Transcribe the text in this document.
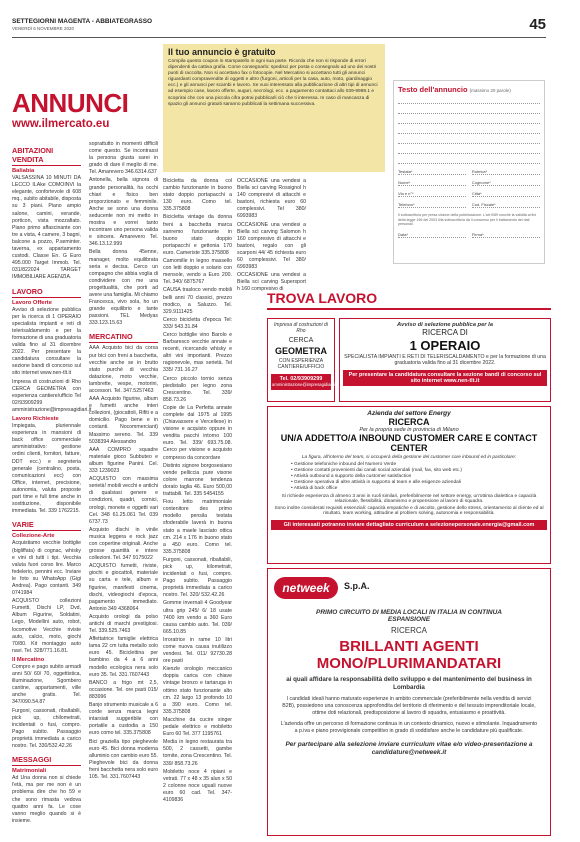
SETTEGIORNI MAGENTA - ABBIATEGRASSO
VENERDÌ 6 NOVEMBRE 2020	45
ANNUNCI
www.ilmercato.eu
Il tuo annuncio è gratuito
Compila questo coupon in stampatello in ogni sua parte. Ricorda che non si risponde di errori dipendenti da cattiva grafia. Come consegnarlo: spedisci per posta o consegnalo ad uno dei nostri punti di raccolta. Non si accettano fax o fotocopie. Nel Mercatino si accettano tutti gli annunci riguardanti compravendite di oggetti e altro (furgoni, articoli per la casa, auto, moto, giardinaggio ecc.) e gli annunci per scambi e lavoro. Se vuoi interessato alla pubblicazione di altri tipi di annunci ad esempio case, lavoro offerte, auguri, necrologi, ecc. a pagamento contattaci allo 039-9989.1 e scoprirai che con una piccola cifra potrai pubblicarli ciò che ti interessa. In caso di mancanza di spazio gli annunci gratuiti saranno pubblicati la settimana successiva.
Testo dell'annuncio (massimo 20 parole)
Testata*	Rubrica*
Nome*	Cognome*
Via e n°*	Città*
Telefono*	Cod. Fiscale*
Il sottoscritto/a per presa visione della pubblicazione. L'art.9/89 nonché la validità ai fini della legge 196 del 2003 il/la sottoscritto/a dà il consenso per il trattamento dei dati personali.
Data*	Firma*
ABITAZIONI VENDITA
Baliabia
VALSASSINA 10 MINUTI DA LECCO ILAke COMOINVI la elegante, confortevole di 608 mq., subito abitabile, disposta su 3 piani. Piano ampio salone, camini, verande, porticon, vista mozzafiato. Piano primo affascinante con tre a vista, 4 camere, 3 bagni, balcone a pozzo, P.seminter. taverna, ex appartamento custodi. Classe En. G Euro 495.000 Target Immob. Tel. 031/822024 TARGET IMMOBILIARE AGENZIA.
LAVORO
Lavoro Offerte
Avviso di selezione pubblica per la ricerca di 1 OPERAIO specialista impianti e reti di telerisaldamento e per la formazione di una graduatoria valida fino al 31 dicembre 2022. Per presentare la candidatura consultare la sezione bandi di concorso sul sito internet www.nen-tlt.it
Impresa di costruzioni di Rho CERCA GEOMETRA con esperienza cantiere/ufficio Tel 02/93909299 amministrazione@impresagidiari.it
Lavoro Richieste
Impiegata, pluriennale esperienza in mansioni di back office commerciale amministrativo: gestione ordini clienti, fornitori, fatture, DDT ecc.) e segreteria generale (centralino, posta, comunicazioni ecc) con Office, internet, precisione, autonomia, valuta proposte part time e full time anche in sostituzione, disponibile immediata. Tel. 339 1762215.
VARIE
Collezione-Arte
Acquistiamo vecchie bottiglie (bigliffata) di cognac, whisky e vini di tutti i tipi. Vecchia valuta fuori corso lire. Marco fedelerio, pennini ecc. Inviare le foto su WhatsApp (Gigi Andrea). Pago contanti. 349 0741984
ACQUISTO collezioni Fumetti, Dischi LP, Dvd, Album Figurine, Soldatini, Lego, Modellini auto, robot, locomotive Vecchie riviste auto, calcio, moto, giochi 70/80. Kit montaggio auto navi. Tel. 328/771.16.81.
Il Mercatino
Compro e pago subito armadi anni 50/ 60/ 70, oggettistica, illuminazione, Sgombero cantine, appartamenti, ville anche gratis. Tel. 347/090.54.87
Furgoni, cassonati, ribaltabili, pick up, chilometrati, incidentati o fusi, compro. Pago subito. Passaggio proprietà immediata a carico nostro. Tel. 330/532.42.26
MESSAGGI
Matrimoniali
Ad Una donna non si chiede l'età, ma per me non è un problema dire che ho 59 e che sono rimasta vedova quattro anni fa. Le cose vanno meglio quando si è insieme.
soprattutto in momenti difficili come questo. Se incontrassi la persona giusta sarei in grado di dare il meglio di me. Tel. Amarevero 346.6314.637
Antonella, bella signora di grande personalità, ha occhi chiari e fisico ben proporzionato e femminile. Anche se sono una donna seducente non mi metto in mostra e vorrei tanto incontrare uno persona valida e sincera. Amarevero Tel. 346.13.12.999
Bella donna 45enne, manager, molto equilibrata seria e decisa. Cerco un compagno che abbia voglia di condividere con me una progettualità, che porti ad avere una famiglia. Mi chiamo Francesca, vivo sola, ho un grande equilibrio e tante passioni. TEL Medyas 333.123.15.63
MERCATINO
AAA Acquisto bici da corsa pur bici con freni a bacchetta, vecchie anche se in brutto stato purché di vecchia datazione, moto vecchie, lambrette, vespe, motorini, accessori. Tel. 347.5257463
AAA Acquisto figurine, album e fumetti anche interi collezioni, (giocattoli, Rifiti e a domicilio. Pago bene e in contanti. Nocommerciant) Massimo sereno. Tel. 339 5038394 Alessandro
AAA COMPRO squadre materiale gioco Subbuteo e album figurine Panini. Cel. 333 1239023
ACQUISTO con massima serietà! mobili vecchi e antichi di qualsiasi genere e condizioni, quadri, cornici, orologi, monete e oggetti vari Cel. 348 61.25.061 Tel. 039 6737.73
Acquisto dischi in vinile musica leggera e rock jazz con copertine originali. Anche grosse quantità e intere collezioni. Tel. 347 9175022
ACQUISTO fumetti, riviste, giochi e giocattoli, materiale su carta e tele, album e figurine, manifesti cinema, dischi, videogiochi d'epoca, pagamento immediato. Antonio 349 4368064
Acquisto orologi da polso antichi di marchi prestigiosi. Tel. 339.525.7463
Affettatrice famiglie elettrica lama 22 cm tutta metallo solo euro 45. Biciclettina per bambino da 4 a 6 anni modello ecologica nera solo euro 35. Tel. 331.7607443
BANCO a frigo mt 2,5, occasione. Tel. ore pasti 015/ 883996
Banjo strumento musicale a 6 corde senza marca legni intarsiati suggeribile con portatile a custodia a 150 euro como tel. 335.375808
Bici graziella tipo pieghevole euro 45. Bici donna moderna alluminio con cambio euro 55. Pieghevole bici da donna freni bacchetta nera solo euro 105. Tel. 331.7607443
Bicicletta da donna col cambio funzionante in buono stato doppio portapacchi a 130 euro. Como tel. 335.375808
Bicicletta vintage da donna freni a bacchetta marca sanremo funzionante in buono stato doppio portapacchi e gettonia 170 euro. Cameriste 335.375808
Camomille in legno massello con letti doppio e solario con mensole, vendo a Euro 200. Tel. 340/ 6875767
CAUSA trasloco vendo mobili belli anni 70 classici, prezzo modico, a Saluzzo. Tel. 329.9111425
Cerco bicicletta d'epoca Tel: 333/ 543.31.84
Cerco bottiglie vino Barolo e Barbaresco vecchie annate e recenti, ricercando whisky e altri vini importanti. Prezzo ragionevole, max serietà. Tel 335/ 731.16.27
Cerco piccolo tornio senza piedistallo per legno zona Crescentino. Tel. 339/ 858.73.26
Copie de La Perfetta annate complete dal 1975 al 1995 (Chiavassere e Vercellese) in visione e acquisto oppure in vendita pacchi intorno 100 euro. Tel. 339/ 693.75.08. Cerco per visione e acquisto compreso da concordare
Distinto signore borgosesiano vende pelliccia pure visone colore marrone tendenza dorato taglia 46. Euro 500,00 trattabili. Tel. 335 5454155
Fiou letto matrimoniale contenitore des primo modello pensila testata sfoderabile laverà in buona stato a maele lasciato ottica cm. 214 x 176 in buono stato a 450 euro. Como tel. 335.375808
Furgoni, cassonati, ribaltabili, pick up, kilometrati, incidentati o fusi, compro. Pago subito. Passaggio proprietà immediata a carico nostro. Tel. 320/ 532.42.26
Gomme invernali 4 Goodyear ultra grip 245/ 6/ 18 usate 7400 km vendo a 360 Euro causa cambio auto. Tel. 039/ 665.10.85
Irroratrice in rame 10 litri come nuova causa inutilizzo vendesi. Tel. 011/ 92730.28 ore pasti
Kienzle orologio meccanico doppia carica con chiave vintage bronzo e tartaruga in ottimo stato funzionante alto cm. 22 largo 13 profondo 10 a 390 euro. Como tel. 335.375808
Macchine da cucire singer pedale elettrico e mobiletto Euro 60 Tel. 377 1195761
Media in legno restaurata tra 500, 2 cassetti, gambe tornite, zona Crescentino. Tel. 339/ 858.73.26
Mobiletto noce 4 ripiani e vetrati. 77 x 48 x 35 alun x 50 2 colonne noce uguali nuove euro 60 cad. Tel. 347-4109836
OCCASIONE una vendesi a Biella sci carving Rossignol h 140 compresivi di attacchi e bastoni, richiesta euro 60 complessivi. Tel 380/ 6993983
OCCASIONE una vendesi a Biella sci carving Salomon h 160 compresivo di attacchi e bastoni, regalo con gli scarponi 44/ 45 richiesta euro 60 complessivi. Tel 380/ 6993983
OCCASIONE una vendesi a Biella sci carving Supersport h 160 compresivo di
TROVA LAVORO
Impresa di costruzioni di Rho
CERCA
GEOMETRA
CON ESPERIENZA CANTIERE/UFFICIO
Tel. 02/93909299
amministrazione@impresagidiari.it
Avviso di selezione pubblica per la
RICERCA DI
1 OPERAIO
SPECIALISTA IMPIANTI E RETI DI TELERISCALDAMENTO e per la formazione di una graduatoria valida fino al 31 dicembre 2022.
Per presentare la candidatura consultare la sezione bandi di concorso sul sito internet www.nen-tlt.it
Azienda del settore Energy
RICERCA
Per la propria sede in provincia di Milano
UN/A ADDETTO/A INBOUND CUSTOMER CARE E CONTACT CENTER
La figura, all'interno del team, si occuperà della gestione del customer care inbound ed in particolare:
• Gestione telefoniche inbound del Numero Verde
• Gestione contatti provenienti dai canali social aziendali (mail, fax, sito web etc.)
• Attività outbound a supporto della customer satisfaction
• Gestione operativa di altre attività in supporto al team e alle esigenze aziendali
• Attività di back office
Si richiede esperienza di almeno 3 anni in ruoli similari, preferibilmente nel settore energy, un'ottima dialettica e capacità relazionale, flessibilità, dinamismo e propensione al lavoro di squadra.
Sono inoltre considerati requisiti essenziali: capacità empatiche e di ascolto, gestione dello stress, orientamento al cliente ed al risultato, team working, attitudine al problem solving, autonomia e responsabilità.
Gli interessati potranno inviare dettagliato curriculum a selezionepersonale.energia@gmail.com
netweek	S.p.A.
PRIMO CIRCUITO DI MEDIA LOCALI IN ITALIA IN CONTINUA ESPANSIONE
RICERCA
BRILLANTI AGENTI MONO/PLURIMANDATARI
ai quali affidare la responsabilità dello sviluppo e del mantenimento del business in Lombardia
I candidati ideali hanno maturato esperienze in ambito commerciale (preferibilmente nella vendita di servizi B2B), possiedono una conoscenza approfondita del territorio di riferimento e del tessuto imprenditoriale locale, ottime doti relazionali, predisposizione al lavoro di squadra, entusiasmo e proattività.
L'azienda offre un percorso di formazione continua in un contesto dinamico, nuovo e stimolante. Inquadramento a p.iva e piano provvigionale competitivo in grado di soddisfare anche le candidature più qualificate.
Per partecipare alla selezione inviare curriculum vitae e/o video-presentazione a candidature@netweek.it
